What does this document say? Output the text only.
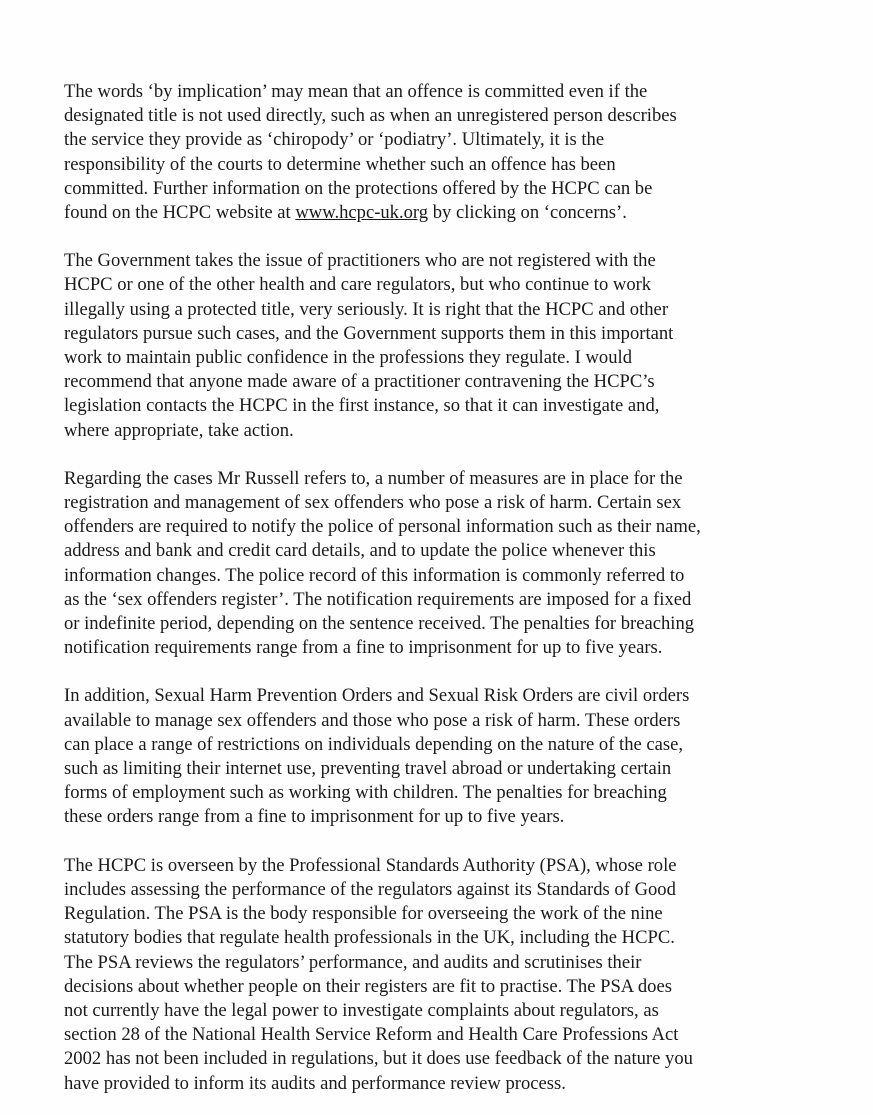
The words ‘by implication’ may mean that an offence is committed even if the
designated title is not used directly, such as when an unregistered person describes
the service they provide as ‘chiropody’ or ‘podiatry’. Ultimately, it is the
responsibility of the courts to determine whether such an offence has been
committed. Further information on the protections offered by the HCPC can be
found on the HCPC website at www.hcpc-uk.org by clicking on ‘concerns’.

The Government takes the issue of practitioners who are not registered with the
HCPC or one of the other health and care regulators, but who continue to work
illegally using a protected title, very seriously. It is right that the HCPC and other
regulators pursue such cases, and the Government supports them in this important
work to maintain public confidence in the professions they regulate. I would
recommend that anyone made aware of a practitioner contravening the HCPC’s
legislation contacts the HCPC in the first instance, so that it can investigate and,
where appropriate, take action.

Regarding the cases Mr Russell refers to, a number of measures are in place for the
registration and management of sex offenders who pose a risk of harm. Certain sex
offenders are required to notify the police of personal information such as their name,
address and bank and credit card details, and to update the police whenever this
information changes. The police record of this information is commonly referred to
as the ‘sex offenders register’. The notification requirements are imposed for a fixed
or indefinite period, depending on the sentence received. The penalties for breaching
notification requirements range from a fine to imprisonment for up to five years.

In addition, Sexual Harm Prevention Orders and Sexual Risk Orders are civil orders
available to manage sex offenders and those who pose a risk of harm. These orders
can place a range of restrictions on individuals depending on the nature of the case,
such as limiting their internet use, preventing travel abroad or undertaking certain
forms of employment such as working with children. The penalties for breaching
these orders range from a fine to imprisonment for up to five years.

The HCPC is overseen by the Professional Standards Authority (PSA), whose role
includes assessing the performance of the regulators against its Standards of Good
Regulation. The PSA is the body responsible for overseeing the work of the nine
statutory bodies that regulate health professionals in the UK, including the HCPC.
The PSA reviews the regulators’ performance, and audits and scrutinises their
decisions about whether people on their registers are fit to practise. The PSA does
not currently have the legal power to investigate complaints about regulators, as
section 28 of the National Health Service Reform and Health Care Professions Act
2002 has not been included in regulations, but it does use feedback of the nature you
have provided to inform its audits and performance review process.
